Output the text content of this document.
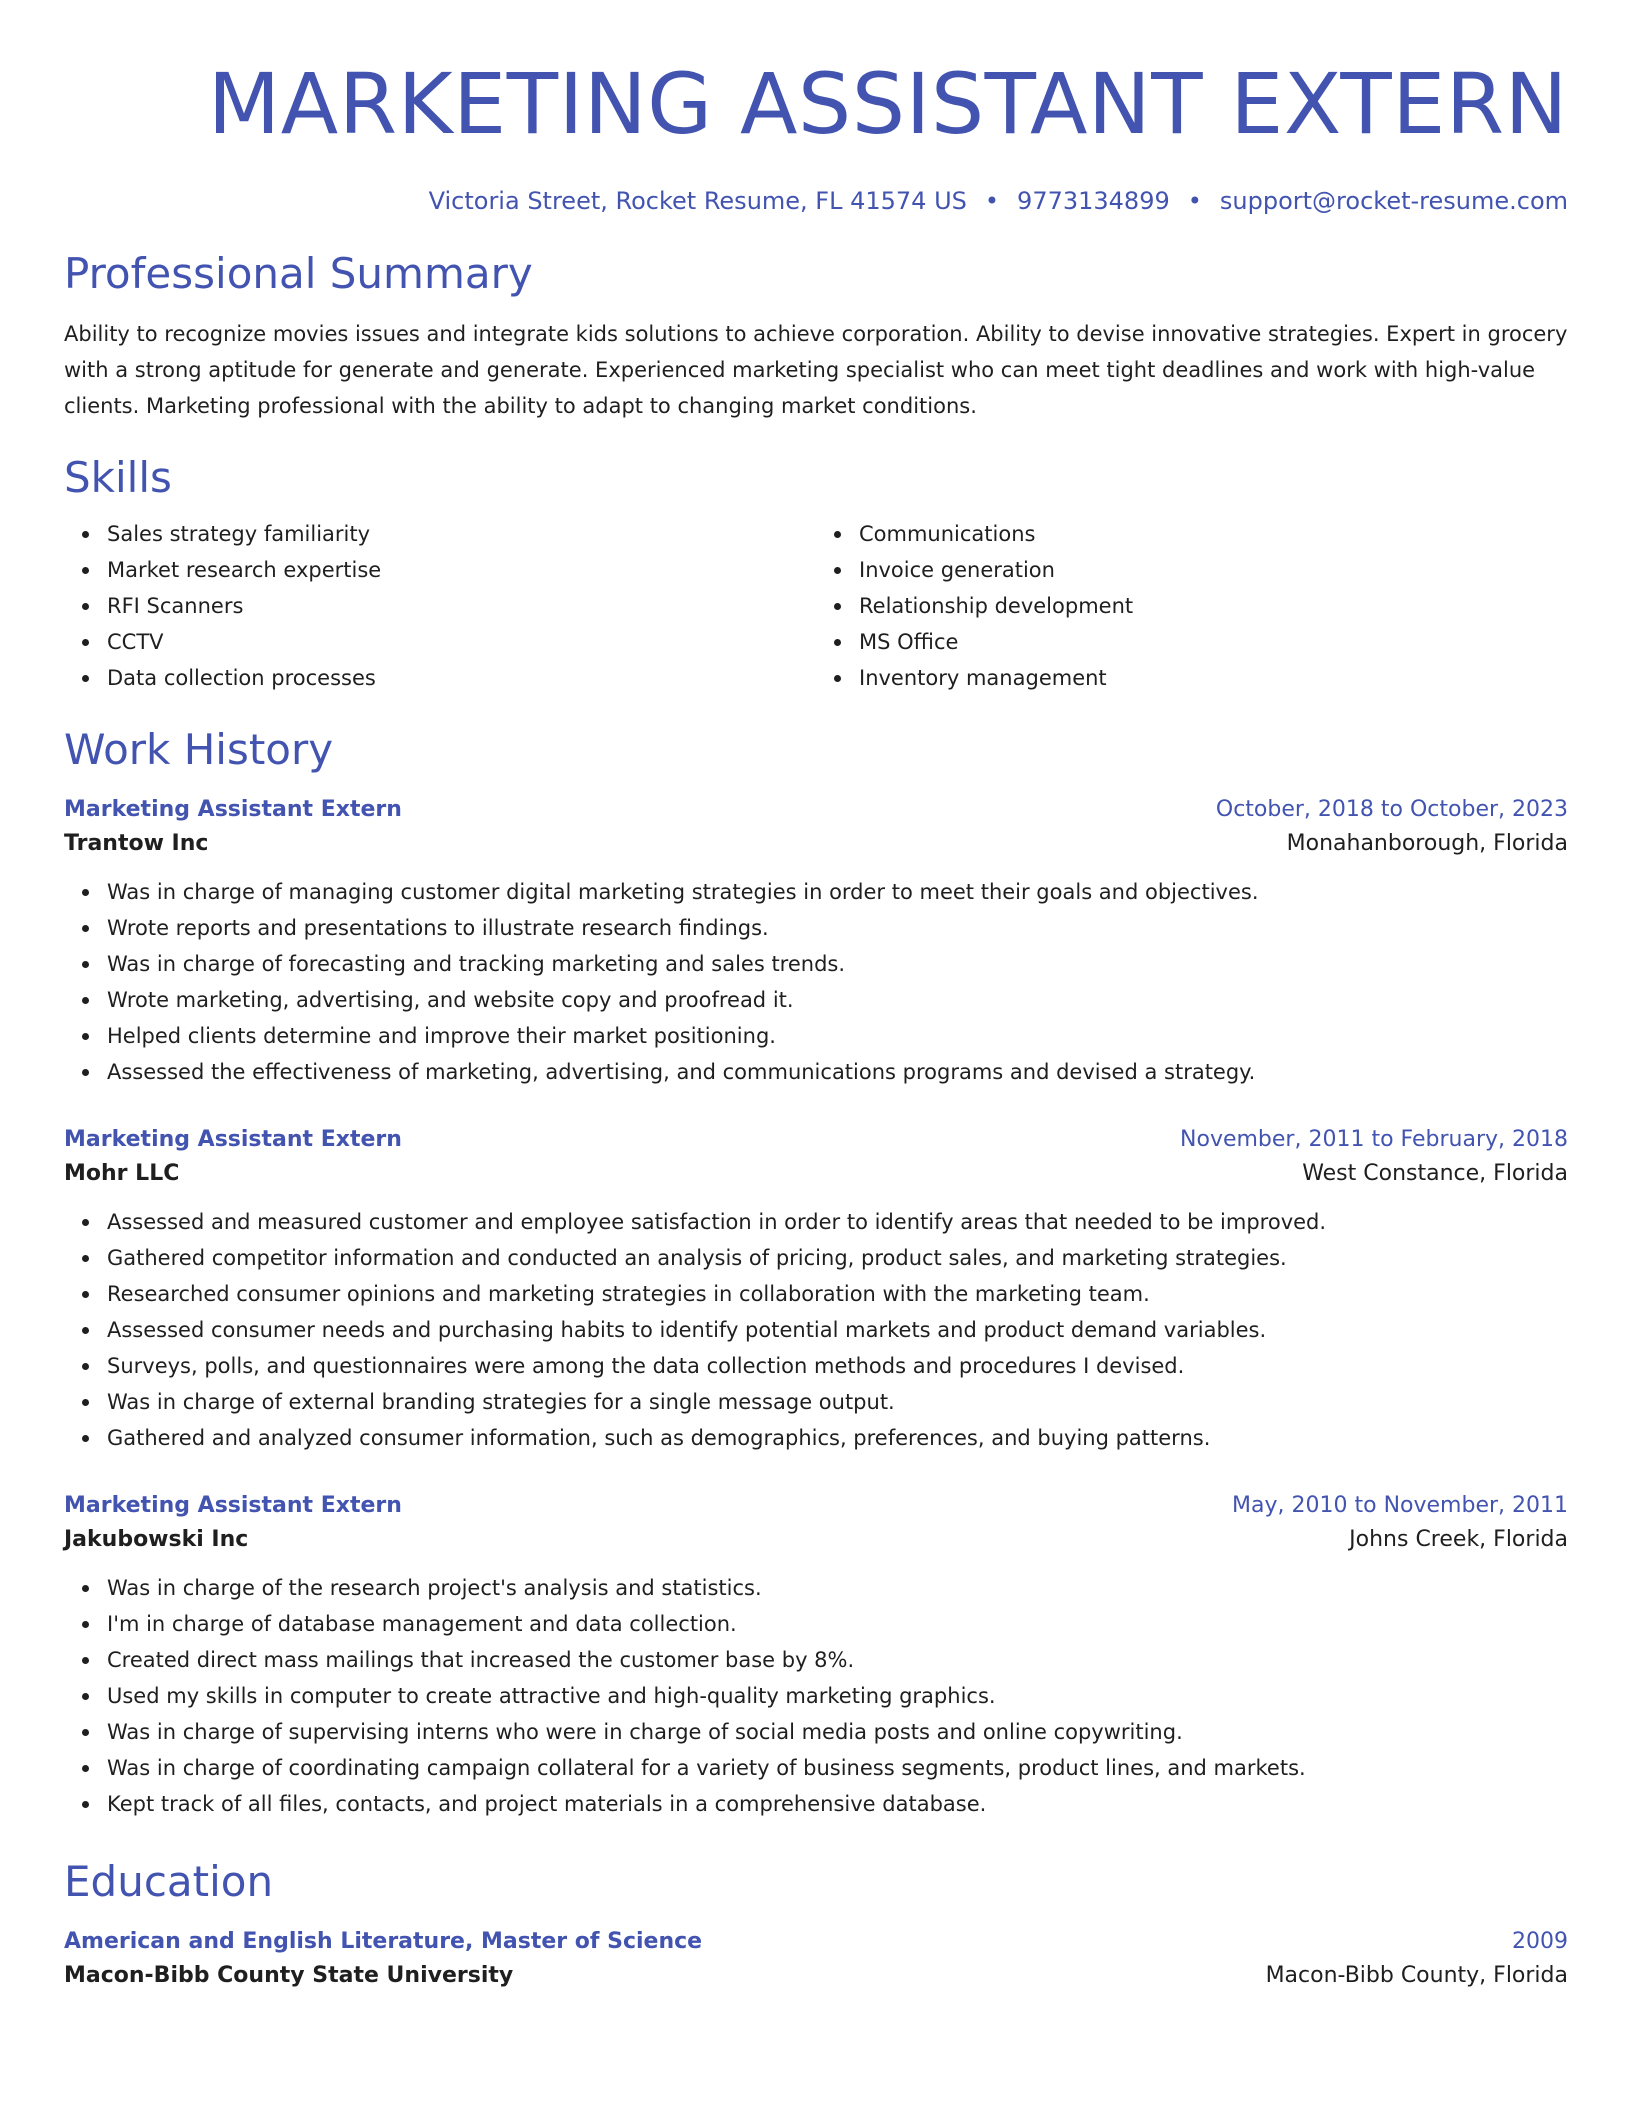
MARKETING ASSISTANT EXTERN
Victoria Street, Rocket Resume, FL 41574 US • 9773134899 • support@rocket-resume.com
Professional Summary

Ability to recognize movies issues and integrate kids solutions to achieve corporation. Ability to devise innovative strategies. Expert in grocery with a strong aptitude for generate and generate. Experienced marketing specialist who can meet tight deadlines and work with high-value clients. Marketing professional with the ability to adapt to changing market conditions.

Skills
Sales strategy familiarity
Market research expertise
RFI Scanners
CCTV
Data collection processes
Communications
Invoice generation
Relationship development
MS Office
Inventory management
Work History
Marketing Assistant Extern	October, 2018 to October, 2023
Trantow Inc	Monahanborough, Florida
Was in charge of managing customer digital marketing strategies in order to meet their goals and objectives.
Wrote reports and presentations to illustrate research findings.
Was in charge of forecasting and tracking marketing and sales trends.
Wrote marketing, advertising, and website copy and proofread it.
Helped clients determine and improve their market positioning.
Assessed the effectiveness of marketing, advertising, and communications programs and devised a strategy.
Marketing Assistant Extern	November, 2011 to February, 2018
Mohr LLC	West Constance, Florida
Assessed and measured customer and employee satisfaction in order to identify areas that needed to be improved.
Gathered competitor information and conducted an analysis of pricing, product sales, and marketing strategies.
Researched consumer opinions and marketing strategies in collaboration with the marketing team.
Assessed consumer needs and purchasing habits to identify potential markets and product demand variables.
Surveys, polls, and questionnaires were among the data collection methods and procedures I devised.
Was in charge of external branding strategies for a single message output.
Gathered and analyzed consumer information, such as demographics, preferences, and buying patterns.
Marketing Assistant Extern	May, 2010 to November, 2011
Jakubowski Inc	Johns Creek, Florida
Was in charge of the research project's analysis and statistics.
I'm in charge of database management and data collection.
Created direct mass mailings that increased the customer base by 8%.
Used my skills in computer to create attractive and high-quality marketing graphics.
Was in charge of supervising interns who were in charge of social media posts and online copywriting.
Was in charge of coordinating campaign collateral for a variety of business segments, product lines, and markets.
Kept track of all files, contacts, and project materials in a comprehensive database.
Education
American and English Literature, Master of Science	2009
Macon-Bibb County State University	Macon-Bibb County, Florida
